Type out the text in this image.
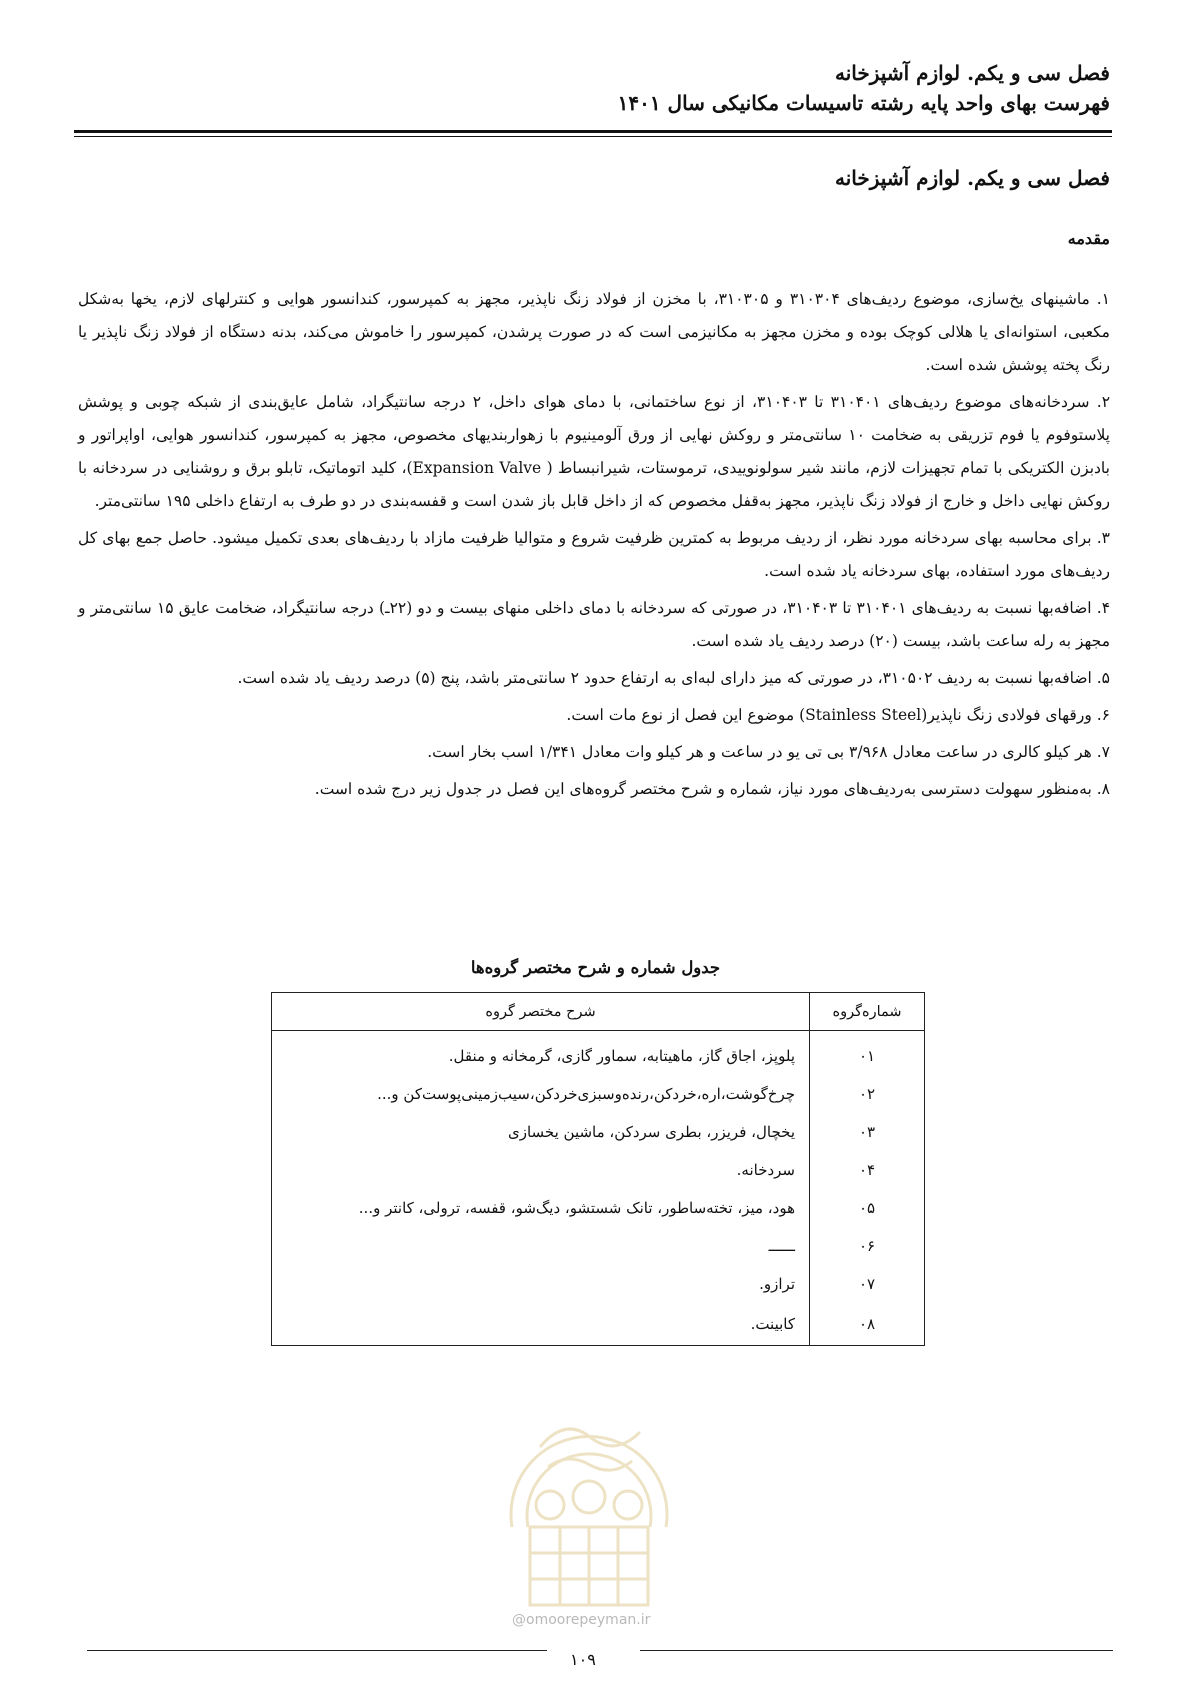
فصل سی و یکم. لوازم آشپزخانه
فهرست بهای واحد پایه رشته تاسیسات مکانیکی سال ۱۴۰۱
فصل سی و یکم. لوازم آشپزخانه
مقدمه

۱. ماشینهای یخ‌سازی، موضوع ردیف‌های ۳۱۰۳۰۴ و ۳۱۰۳۰۵، با مخزن از فولاد زنگ ناپذیر، مجهز به کمپرسور، کندانسور هوایی و کنترلهای لازم، یخها به‌شکل مکعبی، استوانه‌ای یا هلالی کوچک بوده و مخزن مجهز به مکانیزمی است که در صورت پرشدن، کمپرسور را خاموش می‌کند، بدنه دستگاه از فولاد زنگ ناپذیر یا رنگ پخته پوشش شده است.

۲. سردخانه‌های موضوع ردیف‌های ۳۱۰۴۰۱ تا ۳۱۰۴۰۳، از نوع ساختمانی، با دمای هوای داخل، ۲ درجه سانتیگراد، شامل عایق‌بندی از شبکه چوبی و پوشش پلاستوفوم یا فوم تزریقی به ضخامت ۱۰ سانتی‌متر و روکش نهایی از ورق آلومینیوم با زهواربندیهای مخصوص، مجهز به کمپرسور، کندانسور هوایی، اواپراتور و بادبزن الکتریکی با تمام تجهیزات لازم، مانند شیر سولونوییدی، ترموستات، شیرانبساط ( Expansion Valve)، کلید اتوماتیک، تابلو برق و روشنایی در سردخانه با روکش نهایی داخل و خارج از فولاد زنگ ناپذیر، مجهز به‌قفل مخصوص که از داخل قابل باز شدن است و قفسه‌بندی در دو طرف به ارتفاع داخلی ۱۹۵ سانتی‌متر.

۳. برای محاسبه بهای سردخانه مورد نظر، از ردیف مربوط به کمترین ظرفیت شروع و متوالیا ظرفیت مازاد با ردیف‌های بعدی تکمیل میشود. حاصل جمع بهای کل ردیف‌های مورد استفاده، بهای سردخانه یاد شده است.

۴. اضافه‌بها نسبت به ردیف‌های ۳۱۰۴۰۱ تا ۳۱۰۴۰۳، در صورتی که سردخانه با دمای داخلی منهای بیست و دو (۲۲ـ) درجه سانتیگراد، ضخامت عایق ۱۵ سانتی‌متر و مجهز به رله ساعت باشد، بیست (۲۰) درصد ردیف یاد شده است.

۵. اضافه‌بها نسبت به ردیف ۳۱۰۵۰۲، در صورتی که میز دارای لبه‌ای به ارتفاع حدود ۲ سانتی‌متر باشد، پنج (۵) درصد ردیف یاد شده است.

۶. ورقهای فولادی زنگ ناپذیر(Stainless Steel) موضوع این فصل از نوع مات است.

۷. هر کیلو کالری در ساعت معادل ۳/۹۶۸ بی تی یو در ساعت و هر کیلو وات معادل ۱/۳۴۱ اسب بخار است.

۸. به‌منظور سهولت دسترسی به‌ردیف‌های مورد نیاز، شماره و شرح مختصر گروه‌های این فصل در جدول زیر درج شده است.

جدول شماره و شرح مختصر گروه‌ها
شماره‌گروه	شرح مختصر گروه
۰۱	پلوپز، اجاق گاز، ماهیتابه، سماور گازی، گرمخانه و منقل.
۰۲	چرخ‌گوشت،اره،خردکن،رنده‌وسبزی‌خردکن،سیب‌زمینی‌پوست‌کن و...
۰۳	یخچال، فریزر، بطری سردکن، ماشین یخسازی
۰۴	سردخانه.
۰۵	هود، میز، تخته‌ساطور، تانک شستشو، دیگ‌شو، قفسه، ترولی، کانتر و...
۰۶	ــــــ
۰۷	ترازو.
۰۸	کابینت.
@omoorepeyman.ir
۱۰۹
